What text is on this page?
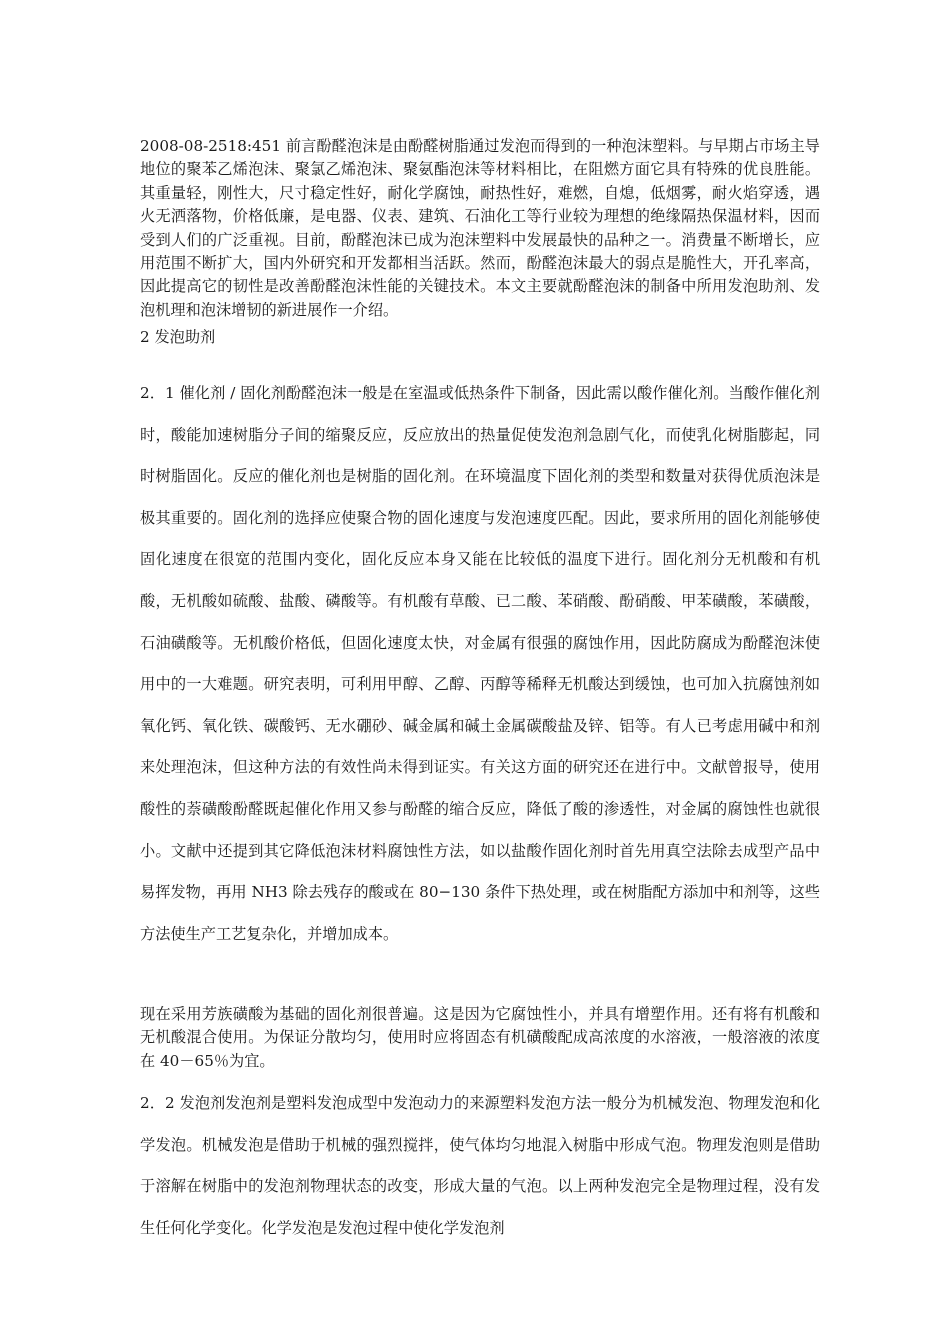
2008-08-2518:451 前言酚醛泡沫是由酚醛树脂通过发泡而得到的一种泡沫塑料。与早期占市场主导地位的聚苯乙烯泡沫、聚氯乙烯泡沫、聚氨酯泡沫等材料相比，在阻燃方面它具有特殊的优良胜能。其重量轻，刚性大，尺寸稳定性好，耐化学腐蚀，耐热性好，难燃，自熄，低烟雾，耐火焰穿透，遇火无洒落物，价格低廉，是电器、仪表、建筑、石油化工等行业较为理想的绝缘隔热保温材料，因而受到人们的广泛重视。目前，酚醛泡沫已成为泡沫塑料中发展最快的品种之一。消费量不断增长，应用范围不断扩大，国内外研究和开发都相当活跃。然而，酚醛泡沫最大的弱点是脆性大，开孔率高，因此提高它的韧性是改善酚醛泡沫性能的关键技术。本文主要就酚醛泡沫的制备中所用发泡助剂、发泡机理和泡沫增韧的新进展作一介绍。

2 发泡助剂

2．1 催化剂 / 固化剂酚醛泡沫一般是在室温或低热条件下制备，因此需以酸作催化剂。当酸作催化剂时，酸能加速树脂分子间的缩聚反应，反应放出的热量促使发泡剂急剧气化，而使乳化树脂膨起，同时树脂固化。反应的催化剂也是树脂的固化剂。在环境温度下固化剂的类型和数量对获得优质泡沫是极其重要的。固化剂的选择应使聚合物的固化速度与发泡速度匹配。因此，要求所用的固化剂能够使固化速度在很宽的范围内变化，固化反应本身又能在比较低的温度下进行。固化剂分无机酸和有机酸，无机酸如硫酸、盐酸、磷酸等。有机酸有草酸、已二酸、苯硝酸、酚硝酸、甲苯磺酸，苯磺酸，石油磺酸等。无机酸价格低，但固化速度太快，对金属有很强的腐蚀作用，因此防腐成为酚醛泡沫使用中的一大难题。研究表明，可利用甲醇、乙醇、丙醇等稀释无机酸达到缓蚀，也可加入抗腐蚀剂如氧化钙、氧化铁、碳酸钙、无水硼砂、碱金属和碱土金属碳酸盐及锌、铝等。有人已考虑用碱中和剂来处理泡沫，但这种方法的有效性尚未得到证实。有关这方面的研究还在进行中。文献曾报导，使用酸性的萘磺酸酚醛既起催化作用又参与酚醛的缩合反应，降低了酸的渗透性，对金属的腐蚀性也就很小。文献中还提到其它降低泡沫材料腐蚀性方法，如以盐酸作固化剂时首先用真空法除去成型产品中易挥发物，再用 NH3 除去残存的酸或在 80−130 条件下热处理，或在树脂配方添加中和剂等，这些方法使生产工艺复杂化，并增加成本。

现在采用芳族磺酸为基础的固化剂很普遍。这是因为它腐蚀性小，并具有增塑作用。还有将有机酸和无机酸混合使用。为保证分散均匀，使用时应将固态有机磺酸配成高浓度的水溶液，一般溶液的浓度在 40－65％为宜。

2．2 发泡剂发泡剂是塑料发泡成型中发泡动力的来源塑料发泡方法一般分为机械发泡、物理发泡和化学发泡。机械发泡是借助于机械的强烈搅拌，使气体均匀地混入树脂中形成气泡。物理发泡则是借助于溶解在树脂中的发泡剂物理状态的改变，形成大量的气泡。以上两种发泡完全是物理过程，没有发生任何化学变化。化学发泡是发泡过程中使化学发泡剂
